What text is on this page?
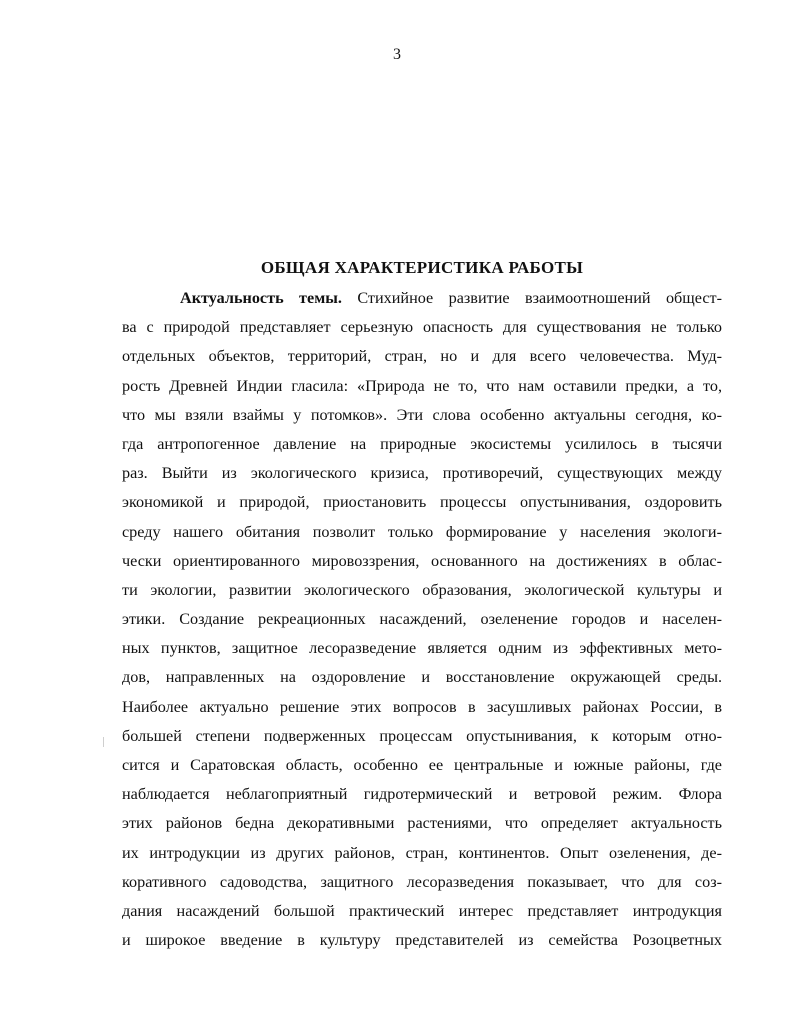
3
ОБЩАЯ ХАРАКТЕРИСТИКА РАБОТЫ
Актуальность темы. Стихийное развитие взаимоотношений общест-
ва с природой представляет серьезную опасность для существования не только
отдельных объектов, территорий, стран, но и для всего человечества. Муд-
рость Древней Индии гласила: «Природа не то, что нам оставили предки, а то,
что мы взяли взаймы у потомков». Эти слова особенно актуальны сегодня, ко-
гда антропогенное давление на природные экосистемы усилилось в тысячи
раз. Выйти из экологического кризиса, противоречий, существующих между
экономикой и природой, приостановить процессы опустынивания, оздоровить
среду нашего обитания позволит только формирование у населения экологи-
чески ориентированного мировоззрения, основанного на достижениях в облас-
ти экологии, развитии экологического образования, экологической культуры и
этики. Создание рекреационных насаждений, озеленение городов и населен-
ных пунктов, защитное лесоразведение является одним из эффективных мето-
дов, направленных на оздоровление и восстановление окружающей среды.
Наиболее актуально решение этих вопросов в засушливых районах России, в
большей степени подверженных процессам опустынивания, к которым отно-
сится и Саратовская область, особенно ее центральные и южные районы, где
наблюдается неблагоприятный гидротермический и ветровой режим. Флора
этих районов бедна декоративными растениями, что определяет актуальность
их интродукции из других районов, стран, континентов. Опыт озеленения, де-
коративного садоводства, защитного лесоразведения показывает, что для соз-
дания насаждений большой практический интерес представляет интродукция
и широкое введение в культуру представителей из семейства Розоцветных
